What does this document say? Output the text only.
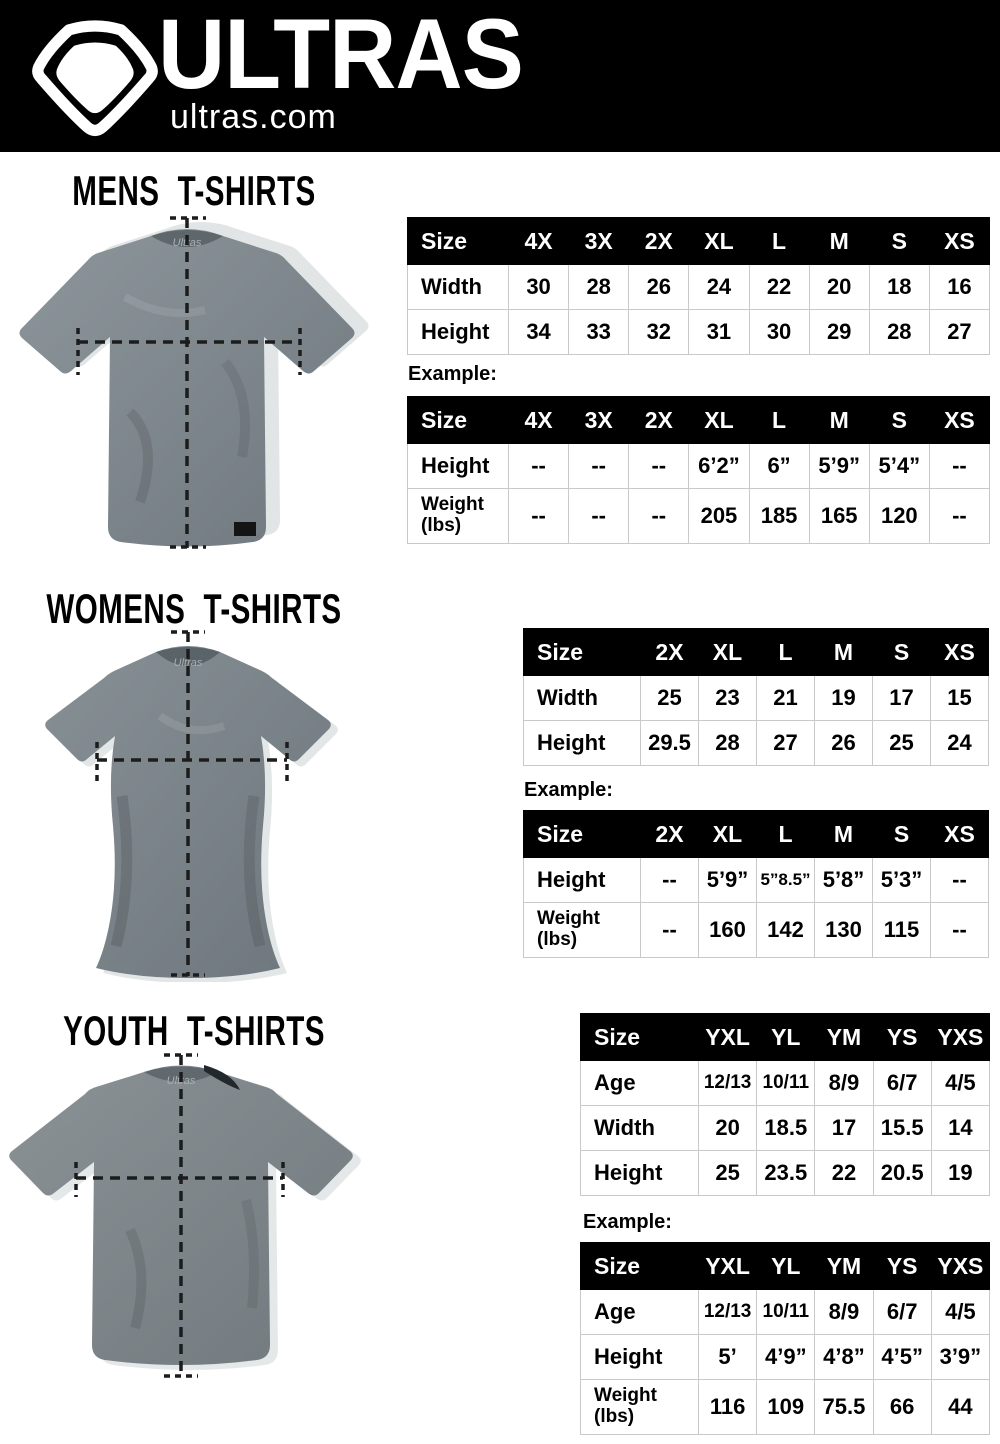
ULTRAS
ultras.com
MENS T-SHIRTS
WOMENS T-SHIRTS
YOUTH T-SHIRTS
Ultras
Ultras
Ultras
Size	4X	3X	2X	XL	L	M	S	XS

Width	30	28	26	24	22	20	18	16

Height	34	33	32	31	30	29	28	27
Example:
Size	4X	3X	2X	XL	L	M	S	XS

Height	--	--	--	6’2”	6”	5’9”	5’4”	--

Weight
(lbs)	--	--	--	205	185	165	120	--
Size	2X	XL	L	M	S	XS

Width	25	23	21	19	17	15

Height	29.5	28	27	26	25	24
Example:
Size	2X	XL	L	M	S	XS

Height	--	5’9”	5”8.5”	5’8”	5’3”	--

Weight
(lbs)	--	160	142	130	115	--
Size	YXL	YL	YM	YS	YXS

Age	12/13	10/11	8/9	6/7	4/5

Width	20	18.5	17	15.5	14

Height	25	23.5	22	20.5	19
Example:
Size	YXL	YL	YM	YS	YXS

Age	12/13	10/11	8/9	6/7	4/5

Height	5’	4’9”	4’8”	4’5”	3’9”

Weight
(lbs)	116	109	75.5	66	44
